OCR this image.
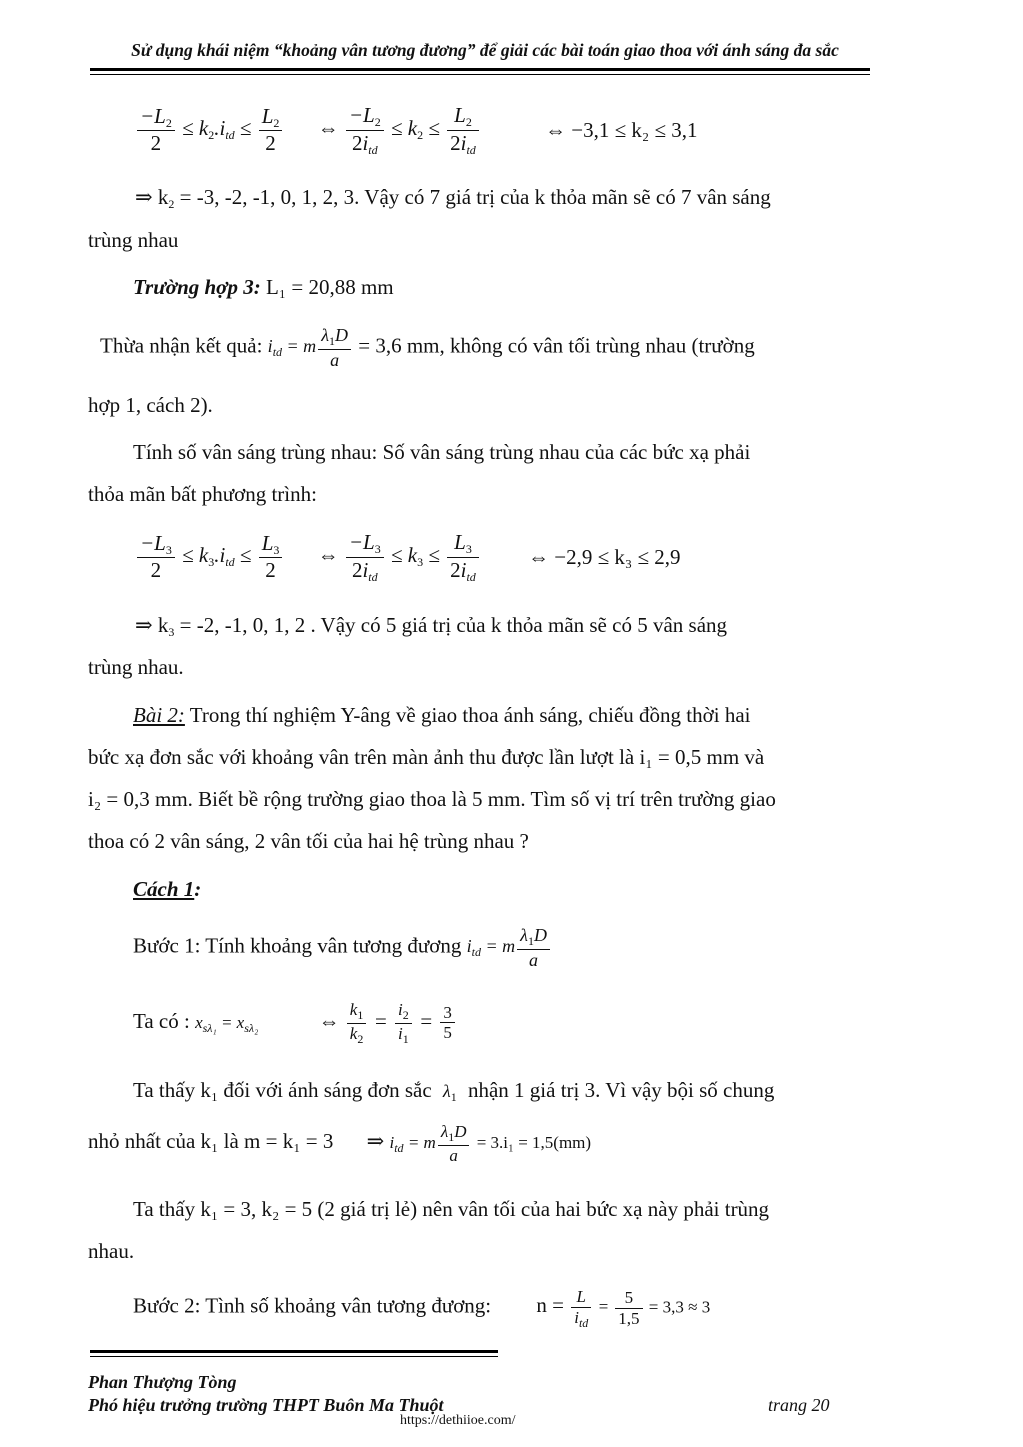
Sử dụng khái niệm “khoảng vân tương đương” để giải các bài toán giao thoa với ánh sáng đa sắc
$\frac{-L2}{2} \le k2.i_{td} \le \frac{L2}{2}$ ⇔ $\frac{-L2}{2i_{td}} \le k2 \le \frac{L2}{2i_{td}}$	⇔ −3,1 ≤ k₂ ≤ 3,1
⇒ k2 = -3, -2, -1, 0, 1, 2, 3. Vậy có 7 giá trị của k thỏa mãn sẽ có 7 vân sáng
trùng nhau
Trường hợp 3: L₁ = 20,88 mm
Thừa nhận kết quả: $i_{td} = m \frac{\lambda_1D}{a} = 3,6$ mm, không có vân tối trùng nhau (trường
hợp 1, cách 2).
Tính số vân sáng trùng nhau: Số vân sáng trùng nhau của các bức xạ phải
thỏa mãn bất phương trình:
$\frac{-L3}{2} \le k3.i_{td} \le \frac{L3}{2}$ ⇔ $\frac{-L3}{2i_{td}} \le k3 \le \frac{L3}{2i_{td}}$ ⇔ −2,9 ≤ k₃ ≤ 2,9
⇒ k3 = -2, -1, 0, 1, 2 . Vậy có 5 giá trị của k thỏa mãn sẽ có 5 vân sáng
trùng nhau.
Bài 2: Trong thí nghiệm Y-âng về giao thoa ánh sáng, chiếu đồng thời hai
bức xạ đơn sắc với khoảng vân trên màn ảnh thu được lần lượt là i₁ = 0,5 mm và
i₂ = 0,3 mm. Biết bề rộng trường giao thoa là 5 mm. Tìm số vị trí trên trường giao
thoa có 2 vân sáng, 2 vân tối của hai hệ trùng nhau ?
Cách 1:
Bước 1: Tính khoảng vân tương đương $i_{td} = m \frac{\lambda_1D}{a}$
Ta có : $x_{s\lambda_1} = x_{s\lambda_2}$	⇔ $\frac{k_1}{k_2} = \frac{i_2}{i_1} = \frac{3}{5}$
Ta thấy k₁ đối với ánh sáng đơn sắc $\lambda_1$ nhận 1 giá trị 3. Vì vậy bội số chung
nhỏ nhất của k₁ là m = k₁ = 3 ⇒ $i_{td} = m \frac{\lambda_1D}{a} = 3.i_1 = 1,5(mm)$
Ta thấy k₁ = 3, k₂ = 5 (2 giá trị lẻ) nên vân tối của hai bức xạ này phải trùng
nhau.
Bước 2: Tình số khoảng vân tương đương: $n = \frac{L}{i_{td}} = \frac{5}{1,5} = 3,3 \approx 3$
Phan Thượng Tòng
Phó hiệu trưởng trường THPT Buôn Ma Thuột	trang 20
https://dethiioe.com/
